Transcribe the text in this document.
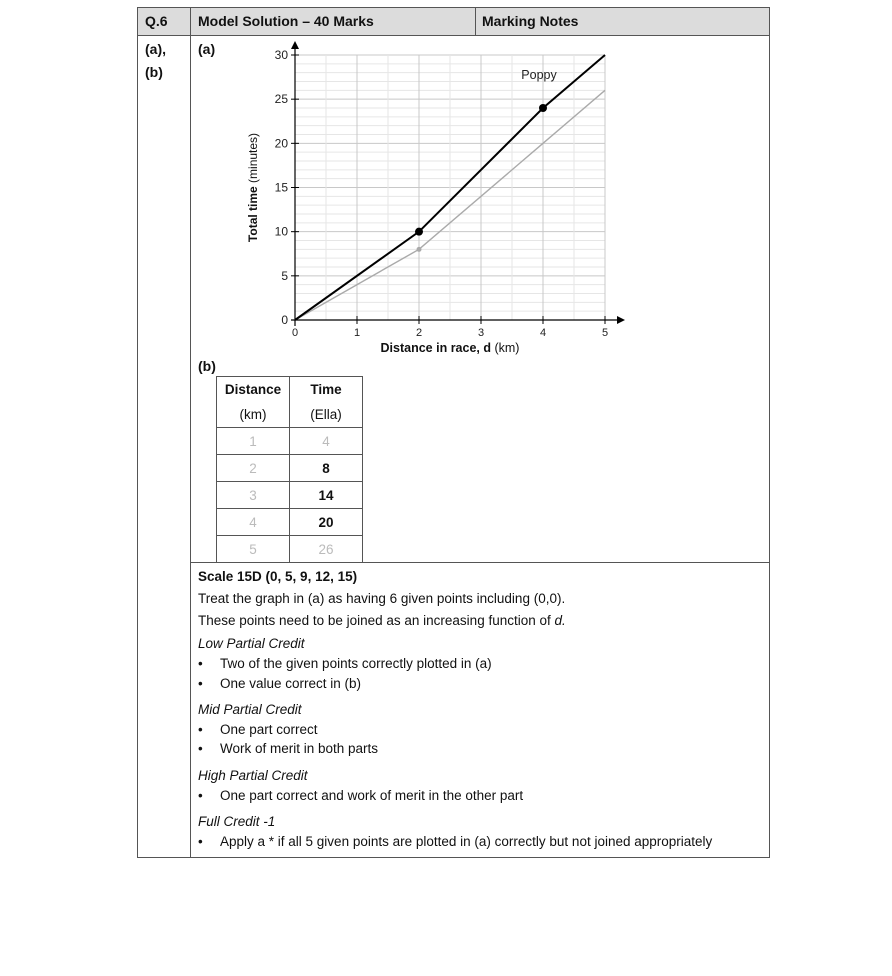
Q.6 Model Solution – 40 Marks	Marking Notes
(a),
(b)
(a)
(b)
0
5
10
15
20
25
30
0	1	2	3	4	5
Total time (minutes)
Distance in race, d (km)
Poppy
Distance	Time
(km)	(Ella)
1	4
2	8
3	14
4	20
5	26
Scale 15D (0, 5, 9, 12, 15)
Treat the graph in (a) as having 6 given points including (0,0).
These points need to be joined as an increasing function of d.
Low Partial Credit
• Two of the given points correctly plotted in (a)
• One value correct in (b)
Mid Partial Credit
• One part correct
• Work of merit in both parts
High Partial Credit
• One part correct and work of merit in the other part
Full Credit -1
• Apply a * if all 5 given points are plotted in (a) correctly but not joined appropriately
